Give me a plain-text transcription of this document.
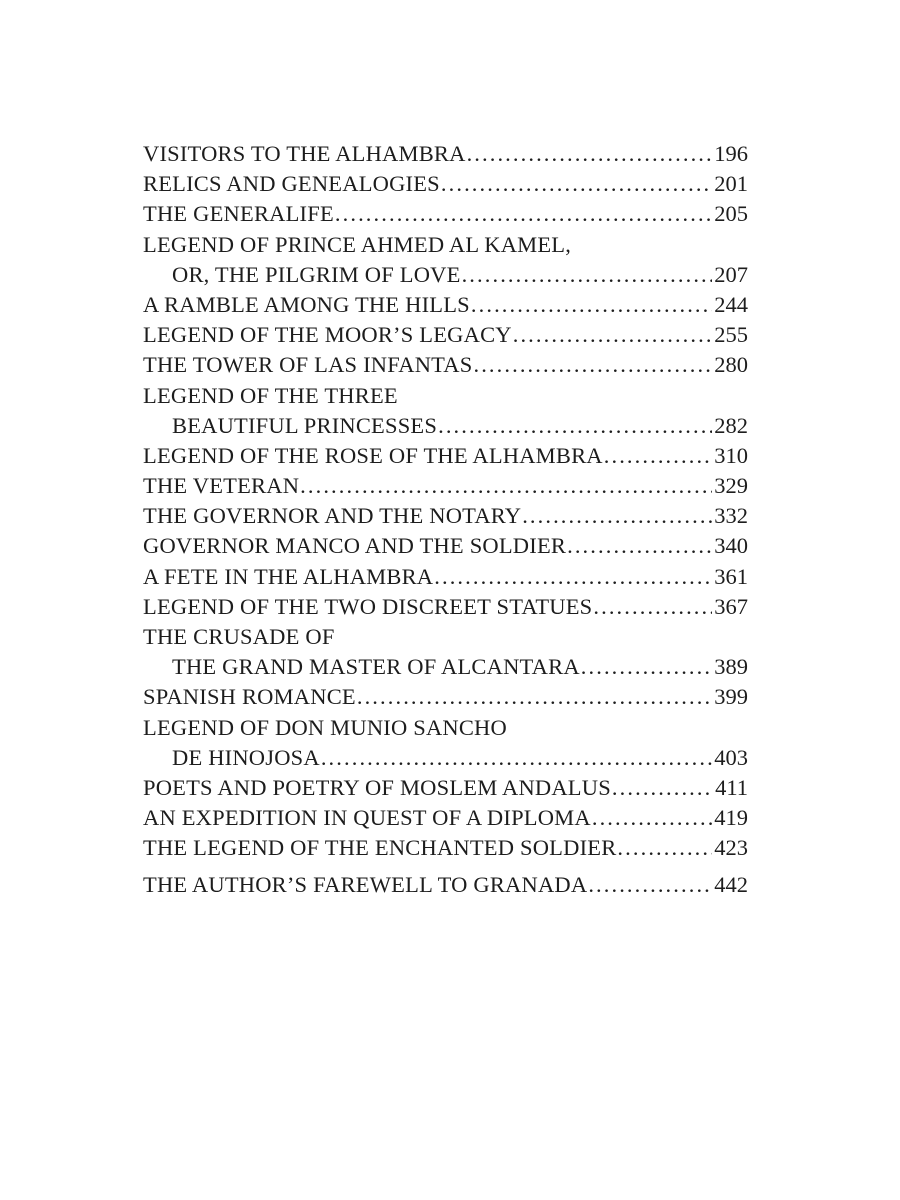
VISITORS TO THE ALHAMBRA .....	196
RELICS AND GENEALOGIES .....	201
THE GENERALIFE .....	205
LEGEND OF PRINCE AHMED AL KAMEL,
OR, THE PILGRIM OF LOVE .....	207
A RAMBLE AMONG THE HILLS .....	244
LEGEND OF THE MOOR’S LEGACY .....	255
THE TOWER OF LAS INFANTAS .....	280
LEGEND OF THE THREE
BEAUTIFUL PRINCESSES .....	282
LEGEND OF THE ROSE OF THE ALHAMBRA .....	310
THE VETERAN .....	329
THE GOVERNOR AND THE NOTARY .....	332
GOVERNOR MANCO AND THE SOLDIER .....	340
A FETE IN THE ALHAMBRA .....	361
LEGEND OF THE TWO DISCREET STATUES .....	367
THE CRUSADE OF
THE GRAND MASTER OF ALCANTARA .....	389
SPANISH ROMANCE .....	399
LEGEND OF DON MUNIO SANCHO
DE HINOJOSA .....	403
POETS AND POETRY OF MOSLEM ANDALUS .....	411
AN EXPEDITION IN QUEST OF A DIPLOMA .....	419
THE LEGEND OF THE ENCHANTED SOLDIER .....	423
THE AUTHOR’S FAREWELL TO GRANADA .....	442
